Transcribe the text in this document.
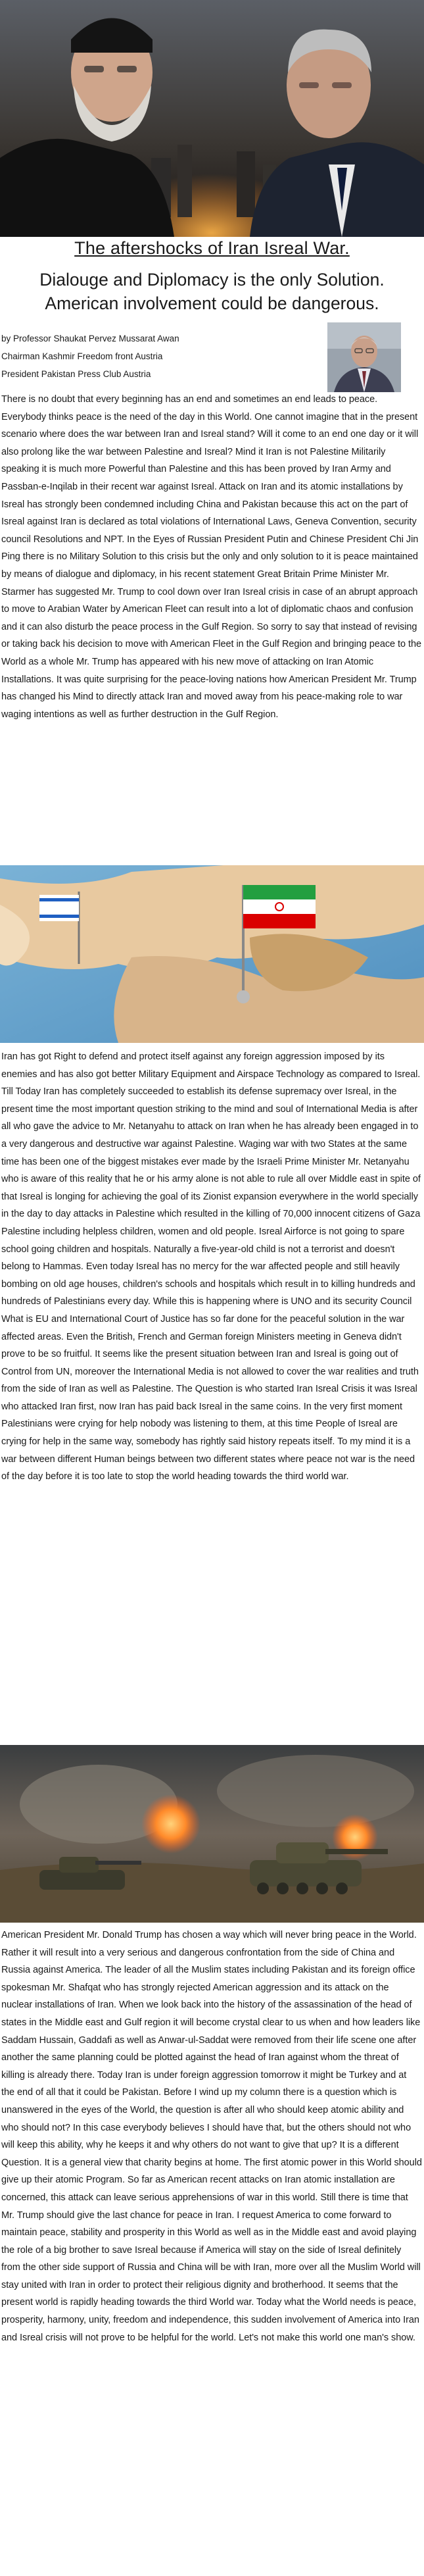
The aftershocks of Iran Isreal War.
Dialouge and Diplomacy is the only Solution.
American involvement could be dangerous.
by Professor Shaukat Pervez Mussarat Awan
Chairman Kashmir Freedom front Austria
President Pakistan Press Club Austria
There is no doubt that every beginning has an end and sometimes an end leads to peace. Everybody thinks peace is the need of the day in this World. One cannot imagine that in the present scenario where does the war between Iran and Isreal stand? Will it come to an end one day or it will also prolong like the war between Palestine and Isreal? Mind it Iran is not Palestine Militarily speaking it is much more Powerful than Palestine and this has been proved by Iran Army and Passban-e-Inqilab in their recent war against Isreal. Attack on Iran and its atomic installations by Isreal has strongly been condemned including China and Pakistan because this act on the part of Isreal against Iran is declared as total violations of International Laws, Geneva Convention, security council Resolutions and NPT. In the Eyes of Russian President Putin and Chinese President Chi Jin Ping there is no Military Solution to this crisis but the only and only solution to it is peace maintained by means of dialogue and diplomacy, in his recent statement Great Britain Prime Minister Mr. Starmer has suggested Mr. Trump to cool down over Iran Isreal crisis in case of an abrupt approach to move to Arabian Water by American Fleet can result into a lot of diplomatic chaos and confusion and it can also disturb the peace process in the Gulf Region. So sorry to say that instead of revising or taking back his decision to move with American Fleet in the Gulf Region and bringing peace to the World as a whole Mr. Trump has appeared with his new move of attacking on Iran Atomic Installations. It was quite surprising for the peace-loving nations how American President Mr. Trump has changed his Mind to directly attack Iran and moved away from his peace-making role to war waging intentions as well as further destruction in the Gulf Region.
Iran has got Right to defend and protect itself against any foreign aggression imposed by its enemies and has also got better Military Equipment and Airspace Technology as compared to Isreal. Till Today Iran has completely succeeded to establish its defense supremacy over Isreal, in the present time the most important question striking to the mind and soul of International Media is after all who gave the advice to Mr. Netanyahu to attack on Iran when he has already been engaged in to a very dangerous and destructive war against Palestine. Waging war with two States at the same time has been one of the biggest mistakes ever made by the Israeli Prime Minister Mr. Netanyahu who is aware of this reality that he or his army alone is not able to rule all over Middle east in spite of that Isreal is longing for achieving the goal of its Zionist expansion everywhere in the world specially in the day to day attacks in Palestine which resulted in the killing of 70,000 innocent citizens of Gaza Palestine including helpless children, women and old people. Isreal Airforce is not going to spare school going children and hospitals. Naturally a five-year-old child is not a terrorist and doesn't belong to Hammas. Even today Isreal has no mercy for the war affected people and still heavily bombing on old age houses, children's schools and hospitals which result in to killing hundreds and hundreds of Palestinians every day. While this is happening where is UNO and its security Council What is EU and International Court of Justice has so far done for the peaceful solution in the war affected areas. Even the British, French and German foreign Ministers meeting in Geneva didn't prove to be so fruitful. It seems like the present situation between Iran and Isreal is going out of Control from UN, moreover the International Media is not allowed to cover the war realities and truth from the side of Iran as well as Palestine. The Question is who started Iran Isreal Crisis it was Isreal who attacked Iran first, now Iran has paid back Isreal in the same coins. In the very first moment Palestinians were crying for help nobody was listening to them, at this time People of Isreal are crying for help in the same way, somebody has rightly said history repeats itself. To my mind it is a war between different Human beings between two different states where peace not war is the need of the day before it is too late to stop the world heading towards the third world war.
American President Mr. Donald Trump has chosen a way which will never bring peace in the World. Rather it will result into a very serious and dangerous confrontation from the side of China and Russia against America. The leader of all the Muslim states including Pakistan and its foreign office spokesman Mr. Shafqat who has strongly rejected American aggression and its attack on the nuclear installations of Iran. When we look back into the history of the assassination of the head of states in the Middle east and Gulf region it will become crystal clear to us when and how leaders like Saddam Hussain, Gaddafi as well as Anwar-ul-Saddat were removed from their life scene one after another the same planning could be plotted against the head of Iran against whom the threat of killing is already there. Today Iran is under foreign aggression tomorrow it might be Turkey and at the end of all that it could be Pakistan. Before I wind up my column there is a question which is unanswered in the eyes of the World, the question is after all who should keep atomic ability and who should not? In this case everybody believes I should have that, but the others should not who will keep this ability, why he keeps it and why others do not want to give that up? It is a different Question. It is a general view that charity begins at home. The first atomic power in this World should give up their atomic Program. So far as American recent attacks on Iran atomic installation are concerned, this attack can leave serious apprehensions of war in this world. Still there is time that Mr. Trump should give the last chance for peace in Iran. I request America to come forward to maintain peace, stability and prosperity in this World as well as in the Middle east and avoid playing the role of a big brother to save Isreal because if America will stay on the side of Isreal definitely from the other side support of Russia and China will be with Iran, more over all the Muslim World will stay united with Iran in order to protect their religious dignity and brotherhood. It seems that the present world is rapidly heading towards the third World war. Today what the World needs is peace, prosperity, harmony, unity, freedom and independence, this sudden involvement of America into Iran and Isreal crisis will not prove to be helpful for the world. Let's not make this world one man's show.
